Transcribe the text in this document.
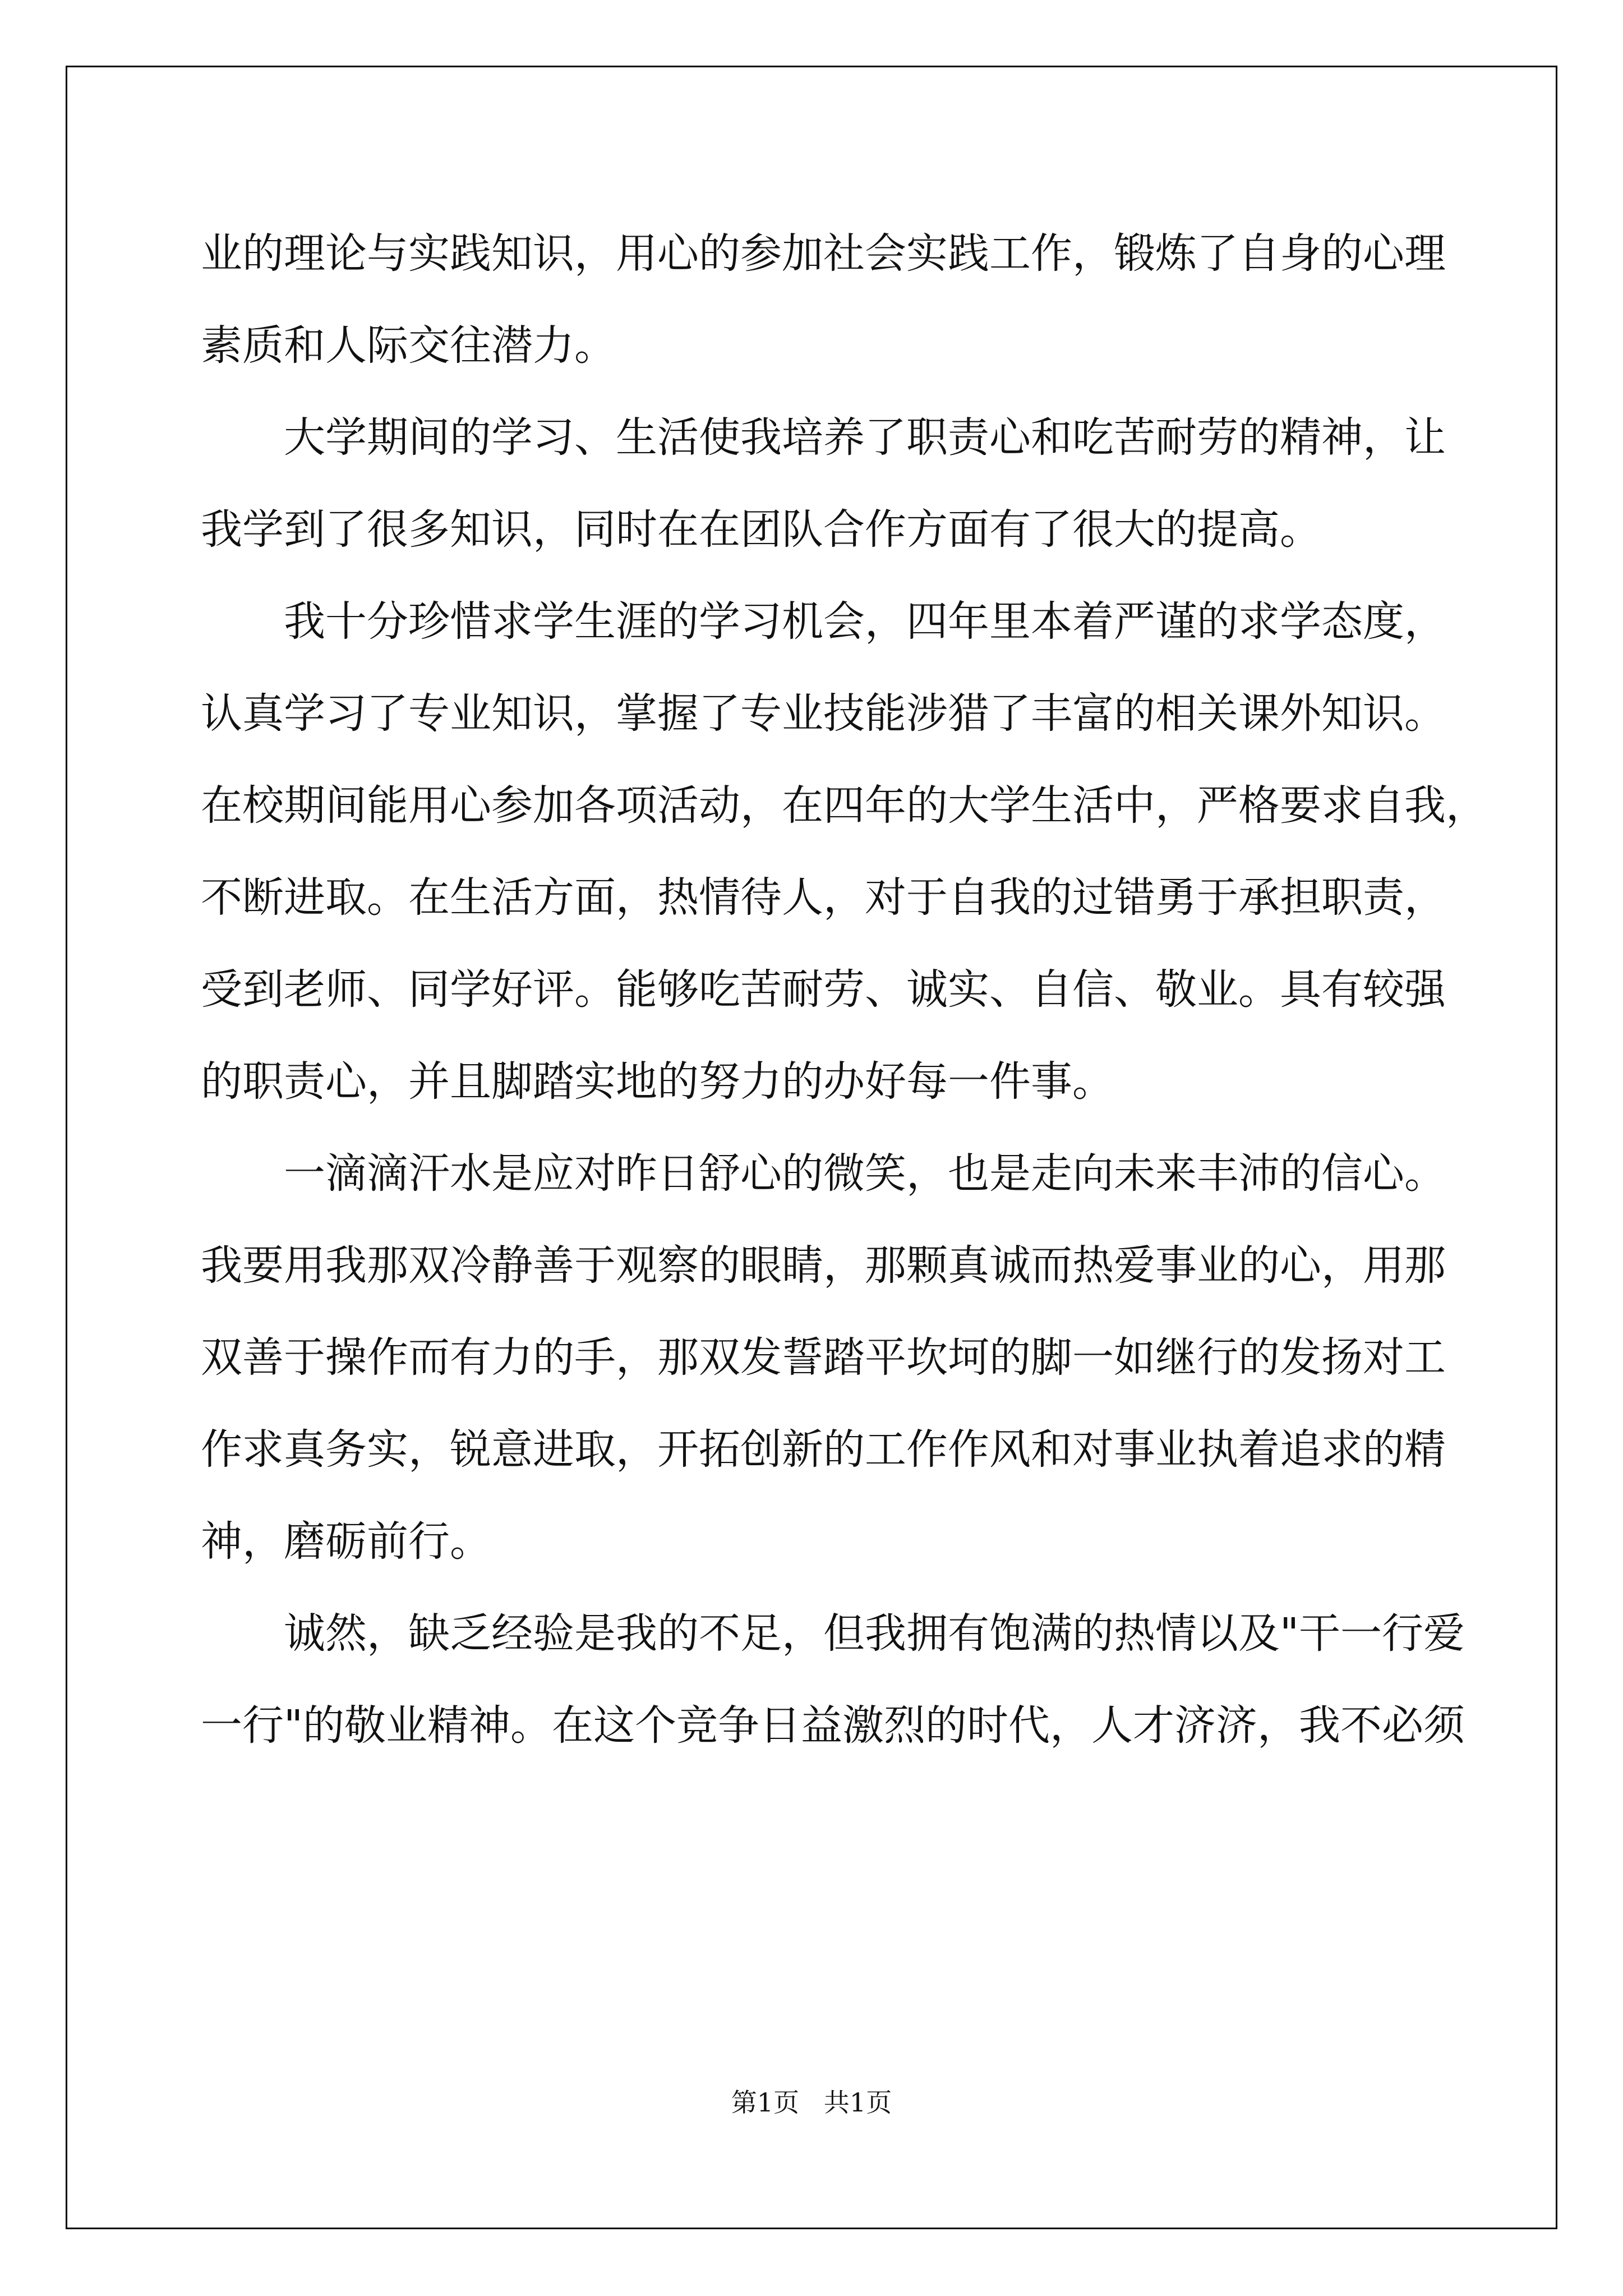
业的理论与实践知识，用心的参加社会实践工作，锻炼了自身的心理
素质和人际交往潜力。
大学期间的学习、生活使我培养了职责心和吃苦耐劳的精神，让
我学到了很多知识，同时在在团队合作方面有了很大的提高。
我十分珍惜求学生涯的学习机会，四年里本着严谨的求学态度，
认真学习了专业知识，掌握了专业技能涉猎了丰富的相关课外知识。
在校期间能用心参加各项活动，在四年的大学生活中，严格要求自我，
不断进取。在生活方面，热情待人，对于自我的过错勇于承担职责，
受到老师、同学好评。能够吃苦耐劳、诚实、自信、敬业。具有较强
的职责心，并且脚踏实地的努力的办好每一件事。
一滴滴汗水是应对昨日舒心的微笑，也是走向未来丰沛的信心。
我要用我那双冷静善于观察的眼睛，那颗真诚而热爱事业的心，用那
双善于操作而有力的手，那双发誓踏平坎坷的脚一如继行的发扬对工
作求真务实，锐意进取，开拓创新的工作作风和对事业执着追求的精
神，磨砺前行。
诚然，缺乏经验是我的不足，但我拥有饱满的热情以及"干一行爱
一行"的敬业精神。在这个竞争日益激烈的时代，人才济济，我不必须
第1页   共1页
